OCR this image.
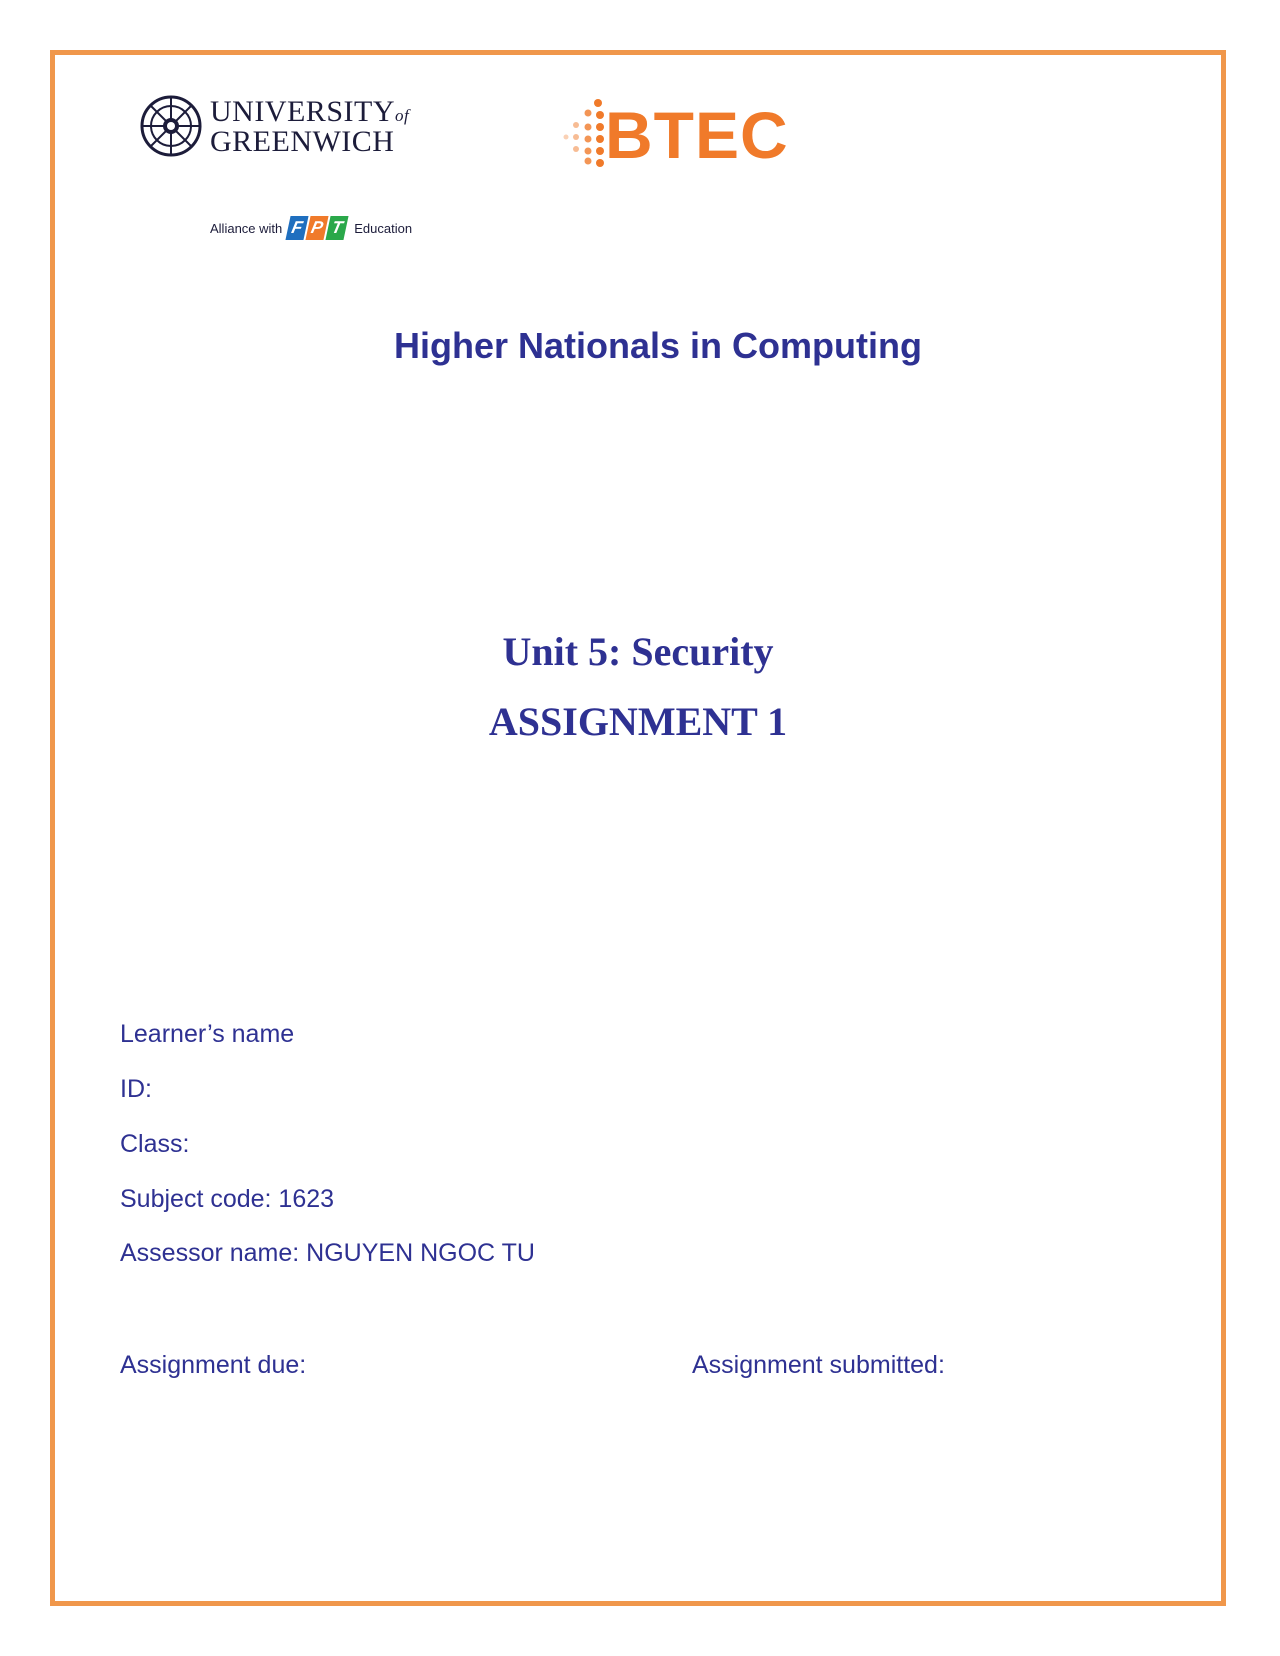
UNIVERSITYof
GREENWICH
Alliance with F P T Education
BTEC
Higher Nationals in Computing
Unit 5: Security
ASSIGNMENT 1
Learner’s name
ID:
Class:
Subject code: 1623
Assessor name: NGUYEN NGOC TU
Assignment due:	Assignment submitted:
